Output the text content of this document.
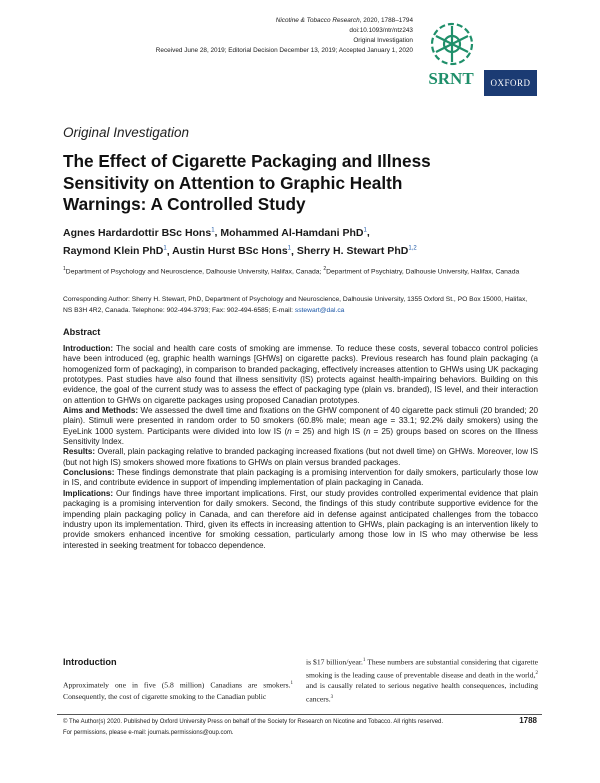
Nicotine & Tobacco Research, 2020, 1788–1794
doi:10.1093/ntr/ntz243
Original Investigation
Received June 28, 2019; Editorial Decision December 13, 2019; Accepted January 1, 2020
SRNT OXFORD
Original Investigation
The Effect of Cigarette Packaging and Illness Sensitivity on Attention to Graphic Health Warnings: A Controlled Study
Agnes Hardardottir BSc Hons$^1$, Mohammed Al-Hamdani PhD$^1$,
Raymond Klein PhD$^1$, Austin Hurst BSc Hons$^1$, Sherry H. Stewart PhD$^{1,2}$
$^1$Department of Psychology and Neuroscience, Dalhousie University, Halifax, Canada; $^2$Department of Psychiatry, Dalhousie University, Halifax, Canada
Corresponding Author: Sherry H. Stewart, PhD, Department of Psychology and Neuroscience, Dalhousie University, 1355 Oxford St., PO Box 15000, Halifax, NS B3H 4R2, Canada. Telephone: 902-494-3793; Fax: 902-494-6585; E-mail: sstewart@dal.ca
Abstract

Introduction: The social and health care costs of smoking are immense. To reduce these costs, several tobacco control policies have been introduced (eg, graphic health warnings [GHWs] on cigarette packs). Previous research has found plain packaging (a homogenized form of packaging), in comparison to branded packaging, effectively increases attention to GHWs using UK packaging prototypes. Past studies have also found that illness sensitivity (IS) protects against health-impairing behaviors. Building on this evidence, the goal of the current study was to assess the effect of packaging type (plain vs. branded), IS level, and their interaction on attention to GHWs on cigarette packages using proposed Canadian prototypes.

Aims and Methods: We assessed the dwell time and fixations on the GHW component of 40 cigarette pack stimuli (20 branded; 20 plain). Stimuli were presented in random order to 50 smokers (60.8% male; mean age = 33.1; 92.2% daily smokers) using the EyeLink 1000 system. Participants were divided into low IS (n = 25) and high IS (n = 25) groups based on scores on the Illness Sensitivity Index.

Results: Overall, plain packaging relative to branded packaging increased fixations (but not dwell time) on GHWs. Moreover, low IS (but not high IS) smokers showed more fixations to GHWs on plain versus branded packages.

Conclusions: These findings demonstrate that plain packaging is a promising intervention for daily smokers, particularly those low in IS, and contribute evidence in support of impending implementation of plain packaging in Canada.

Implications: Our findings have three important implications. First, our study provides controlled experimental evidence that plain packaging is a promising intervention for daily smokers. Second, the findings of this study contribute supportive evidence for the impending plain packaging policy in Canada, and can therefore aid in defense against anticipated challenges from the tobacco industry upon its implementation. Third, given its effects in increasing attention to GHWs, plain packaging is an intervention likely to provide smokers enhanced incentive for smoking cessation, particularly among those low in IS who may otherwise be less interested in seeking treatment for tobacco dependence.

Introduction
Approximately one in five (5.8 million) Canadians are smokers.$^1$ Consequently, the cost of cigarette smoking to the Canadian public
is $17 billion/year.$^1$ These numbers are substantial considering that cigarette smoking is the leading cause of preventable disease and death in the world,$^2$ and is causally related to serious negative health consequences, including cancers.$^3$
© The Author(s) 2020. Published by Oxford University Press on behalf of the Society for Research on Nicotine and Tobacco. All rights reserved.
For permissions, please e-mail: journals.permissions@oup.com.
1788
